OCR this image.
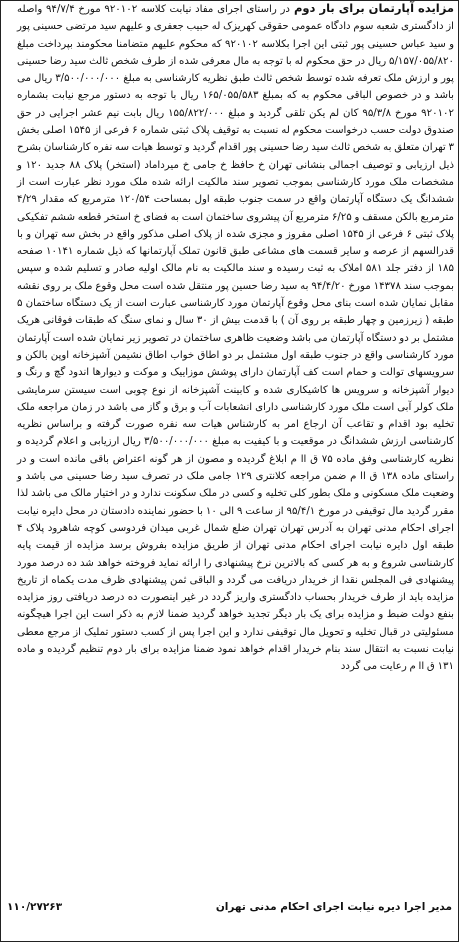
مزایده آپارتمان برای بار دوم

در راستای اجرای مفاد نیابت کلاسه ۹۲۰۱۰۲ مورخ ۹۴/۷/۴ واصله از دادگستری شعبه سوم دادگاه عمومی حقوقی کهریزک له حبیب جعفری و علیهم سید مرتضی حسینی پور و سید عباس حسینی پور ثبتی این اجرا بکلاسه ۹۲۰۱۰۲ که محکوم علیهم متضامنا محکومند بپرداخت مبلغ ۵/۱۵۷/۰۵۵/۸۲۰ ریال در حق محکوم له با توجه به مال معرفی شده از طرف شخص ثالث سید رضا حسینی پور و ارزش ملک تعرفه شده توسط شخص ثالث طبق نظریه کارشناسی به مبلغ ۳/۵۰۰/۰۰۰/۰۰۰ ریال می باشد و در خصوص الباقی محکوم به که بمبلغ ۱۶۵/۰۵۵/۵۸۳ ریال با توجه به دستور مرجع نیابت بشماره ۹۲۰۱۰۲ مورخ ۹۵/۳/۸ کان لم یکن تلقی گردید و مبلغ ۱۵۵/۸۲۲/۰۰۰ ریال بابت نیم عشر اجرایی در حق صندوق دولت حسب درخواست محکوم له نسبت به توقیف پلاک ثبتی شماره ۶ فرعی از ۱۵۴۵ اصلی بخش ۳ تهران متعلق به شخص ثالث سید رضا حسینی پور اقدام گردید و توسط هیات سه نفره کارشناسان بشرح ذیل ارزیابی و توصیف اجمالی بنشانی تهران خ حافظ خ جامی خ میرداماد (استخر) پلاک ۸۸ جدید ۱۲۰ و مشخصات ملک مورد کارشناسی بموجب تصویر سند مالکیت ارائه شده ملک مورد نظر عبارت است از ششدانگ یک دستگاه آپارتمان واقع در سمت جنوب طبقه اول بمساحت ۱۲۰/۵۴ مترمربع که مقدار ۴/۲۹ مترمربع بالکن مسقف و ۶/۲۵ مترمربع آن پیشروی ساختمان است به فضای خ استخر قطعه ششم تفکیکی پلاک ثبتی ۶ فرعی از ۱۵۴۵ اصلی مفروز و مجزی شده از پلاک اصلی مذکور واقع در بخش سه تهران و با قدرالسهم از عرصه و سایر قسمت های مشاعی طبق قانون تملک آپارتمانها که ذیل شماره ۱۰۱۴۱ صفحه ۱۸۵ از دفتر جلد ۵۸۱ املاک به ثبت رسیده و سند مالکیت به نام مالک اولیه صادر و تسلیم شده و سپس بموجب سند ۱۴۳۷۸ مورخ ۹۴/۴/۲۰ به سید رضا حسین پور منتقل شده است محل وقوع ملک بر روی نقشه مقابل نمایان شده است بنای محل وقوع آپارتمان مورد کارشناسی عبارت است از یک دستگاه ساختمان ۵ طبقه ( زیرزمین و چهار طبقه بر روی آن ) با قدمت بیش از ۳۰ سال و نمای سنگ که طبقات فوقانی هریک مشتمل بر دو دستگاه آپارتمان می باشد وضعیت ظاهری ساختمان در تصویر زیر نمایان شده است آپارتمان مورد کارشناسی واقع در جنوب طبقه اول مشتمل بر دو اطاق خواب اطاق نشیمن آشپزخانه اوپن بالکن و سرویسهای توالت و حمام است کف آپارتمان دارای پوشش موزاییک و موکت و دیوارها اندود گچ و رنگ و دیوار آشپزخانه و سرویس ها کاشیکاری شده و کابینت آشپزخانه از نوع چوبی است سیستن سرمایشی ملک کولر آبی است ملک مورد کارشناسی دارای انشعابات آب و برق و گاز می باشد در زمان مراجعه ملک تخلیه بود اقدام و تقاعب آن ارجاع امر به کارشناس هیات سه نفره صورت گرفته و براساس نظریه کارشناسی ارزش ششدانگ در موقعیت و با کیفیت به مبلغ ۳/۵۰۰/۰۰۰/۰۰۰ ریال ارزیابی و اعلام گردیده و نظریه کارشناسی وفق ماده ۷۵ ق اا م ابلاغ گردیده و مصون از هر گونه اعتراض باقی مانده است و در راستای ماده ۱۳۸ ق اا م ضمن مراجعه کلانتری ۱۲۹ جامی ملک در تصرف سید رضا حسینی می باشد و وضعیت ملک مسکونی و ملک بطور کلی تخلیه و کسی در ملک سکونت ندارد و در اختیار مالک می باشد لذا مقرر گردید مال توقیفی در مورخ ۹۵/۴/۱ از ساعت ۹ الی ۱۰ با حضور نماینده دادستان در محل دایره نیابت اجرای احکام مدنی تهران به آدرس تهران تهران ضلع شمال غربی میدان فردوسی کوچه شاهرود پلاک ۴ طبقه اول دایره نیابت اجرای احکام مدنی تهران از طریق مزایده بفروش برسد مزایده از قیمت پایه کارشناسی شروع و به هر کسی که بالاترین نرخ پیشنهادی را ارائه نماید فروخته خواهد شد ده درصد مورد پیشنهادی فی المجلس نقدا از خریدار دریافت می گردد و الباقی ثمن پیشنهادی ظرف مدت یکماه از تاریخ مزایده باید از طرف خریدار بحساب دادگستری واریز گردد در غیر اینصورت ده درصد دریافتی روز مزایده بنفع دولت ضبط و مزایده برای یک بار دیگر تجدید خواهد گردید ضمنا لازم به ذکر است این اجرا هیچگونه مسئولیتی در قبال تخلیه و تحویل مال توقیفی ندارد و این اجرا پس از کسب دستور تملیک از مرجع معطی نیابت نسبت به انتقال سند بنام خریدار اقدام خواهد نمود ضمنا مزایده برای بار دوم تنظیم گردیده و ماده ۱۳۱ ق اا م رعایت می گردد

۱۱۰/۲۷۲۶۳	مدیر اجرا دیره نیابت اجرای احکام مدنی تهران
